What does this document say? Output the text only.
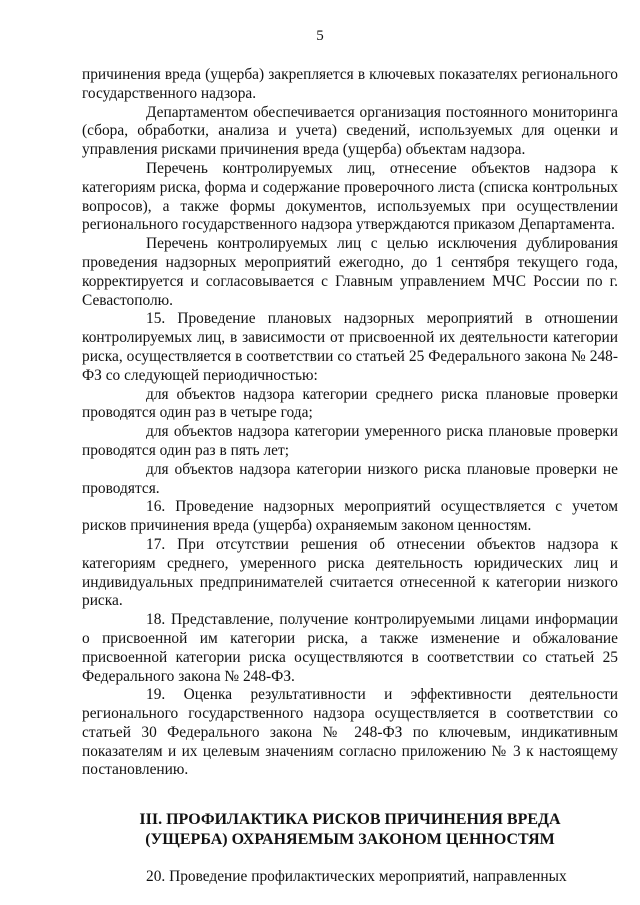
5

причинения вреда (ущерба) закрепляется в ключевых показателях регионального государственного надзора.

Департаментом обеспечивается организация постоянного мониторинга (сбора, обработки, анализа и учета) сведений, используемых для оценки и управления рисками причинения вреда (ущерба) объектам надзора.

Перечень контролируемых лиц, отнесение объектов надзора к категориям риска, форма и содержание проверочного листа (списка контрольных вопросов), а также формы документов, используемых при осуществлении регионального государственного надзора утверждаются приказом Департамента.

Перечень контролируемых лиц с целью исключения дублирования проведения надзорных мероприятий ежегодно, до 1 сентября текущего года, корректируется и согласовывается с Главным управлением МЧС России по г. Севастополю.

15. Проведение плановых надзорных мероприятий в отношении контролируемых лиц, в зависимости от присвоенной их деятельности категории риска, осуществляется в соответствии со статьей 25 Федерального закона № 248-ФЗ со следующей периодичностью:

для объектов надзора категории среднего риска плановые проверки проводятся один раз в четыре года;

для объектов надзора категории умеренного риска плановые проверки проводятся один раз в пять лет;

для объектов надзора категории низкого риска плановые проверки не проводятся.

16. Проведение надзорных мероприятий осуществляется с учетом рисков причинения вреда (ущерба) охраняемым законом ценностям.

17. При отсутствии решения об отнесении объектов надзора к категориям среднего, умеренного риска деятельность юридических лиц и индивидуальных предпринимателей считается отнесенной к категории низкого риска.

18. Представление, получение контролируемыми лицами информации о присвоенной им категории риска, а также изменение и обжалование присвоенной категории риска осуществляются в соответствии со статьей 25 Федерального закона № 248-ФЗ.

19. Оценка результативности и эффективности деятельности регионального государственного надзора осуществляется в соответствии со статьей 30 Федерального закона № 248-ФЗ по ключевым, индикативным показателям и их целевым значениям согласно приложению № 3 к настоящему постановлению.

III. ПРОФИЛАКТИКА РИСКОВ ПРИЧИНЕНИЯ ВРЕДА
(УЩЕРБА) ОХРАНЯЕМЫМ ЗАКОНОМ ЦЕННОСТЯМ

20. Проведение профилактических мероприятий, направленных
